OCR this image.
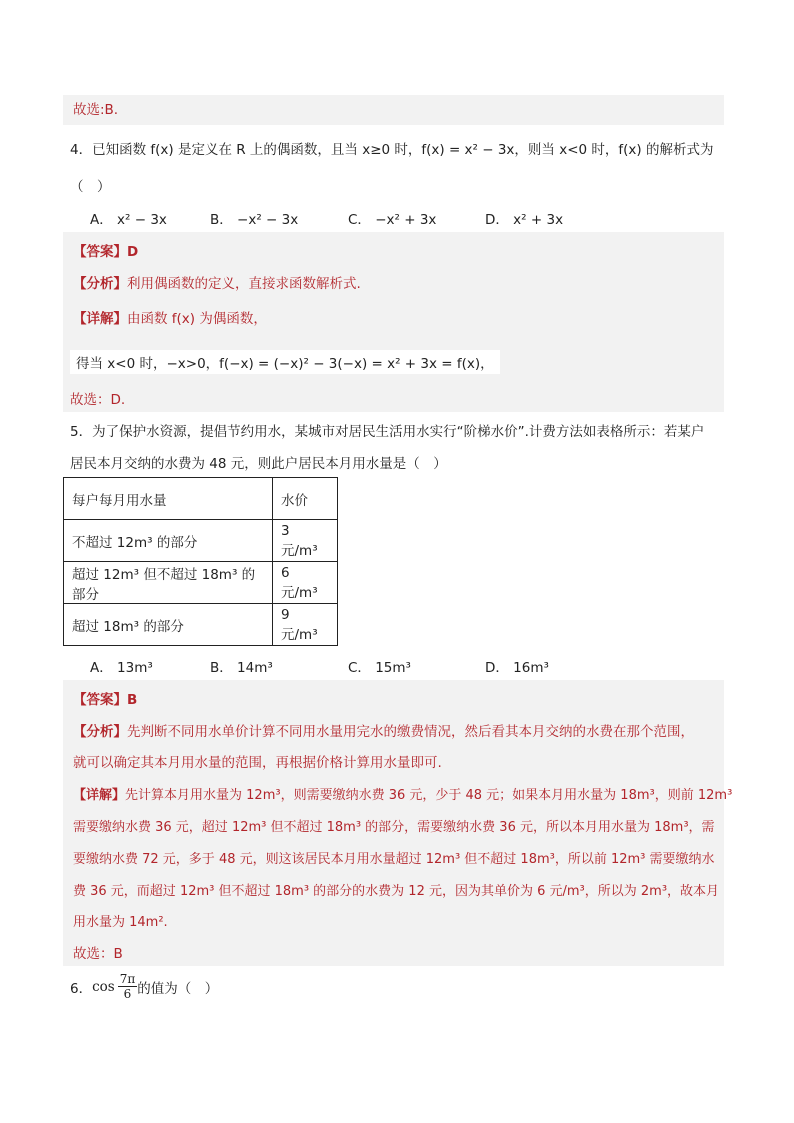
故选:B.
4．已知函数 f(x) 是定义在 R 上的偶函数，且当 x≥0 时，f(x) = x² − 3x，则当 x<0 时，f(x) 的解析式为
（　）
A． x² − 3x	B． −x² − 3x	C． −x² + 3x	D． x² + 3x
【答案】D
【分析】利用偶函数的定义，直接求函数解析式.
【详解】由函数 f(x) 为偶函数，
得当 x<0 时，−x>0，f(−x) = (−x)² − 3(−x) = x² + 3x = f(x)，
故选：D.
5．为了保护水资源，提倡节约用水，某城市对居民生活用水实行“阶梯水价”.计费方法如表格所示：若某户
居民本月交纳的水费为 48 元，则此户居民本月用水量是（　）
每户每月用水量	水价
不超过 12m³ 的部分	3 元/m³
超过 12m³ 但不超过 18m³ 的部分	6 元/m³
超过 18m³ 的部分	9 元/m³
A． 13m³	B． 14m³	C． 15m³	D． 16m³
【答案】B
【分析】先判断不同用水单价计算不同用水量用完水的缴费情况，然后看其本月交纳的水费在那个范围，
就可以确定其本月用水量的范围，再根据价格计算用水量即可.
【详解】先计算本月用水量为 12m³，则需要缴纳水费 36 元，少于 48 元；如果本月用水量为 18m³，则前 12m³
需要缴纳水费 36 元，超过 12m³ 但不超过 18m³ 的部分，需要缴纳水费 36 元，所以本月用水量为 18m³，需
要缴纳水费 72 元，多于 48 元，则这该居民本月用水量超过 12m³ 但不超过 18m³，所以前 12m³ 需要缴纳水
费 36 元，而超过 12m³ 但不超过 18m³ 的部分的水费为 12 元，因为其单价为 6 元/m³，所以为 2m³，故本月
用水量为 14m².
故选：B
6． $\cos \frac{7\pi}{6}$ 的值为（　）
